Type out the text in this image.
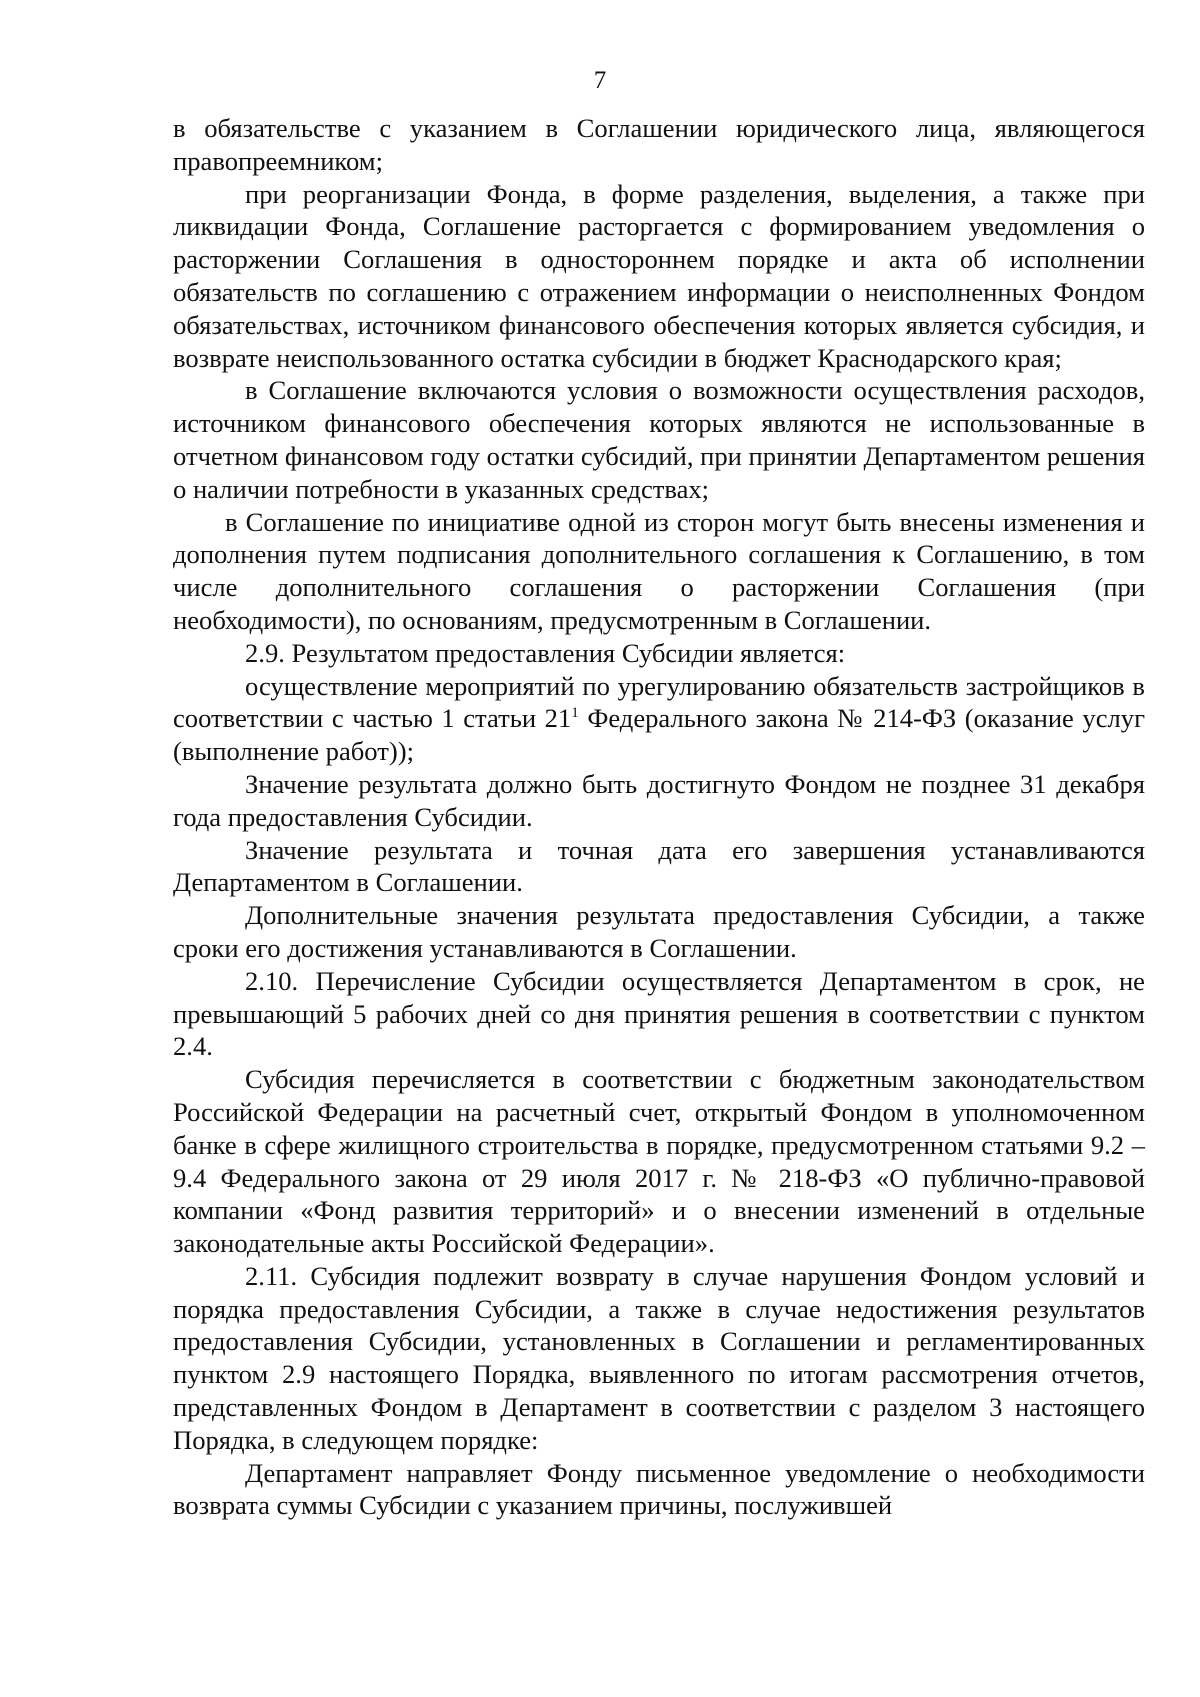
7

в обязательстве с указанием в Соглашении юридического лица, являющегося правопреемником;

при реорганизации Фонда, в форме разделения, выделения, а также при ликвидации Фонда, Соглашение расторгается с формированием уведомления о расторжении Соглашения в одностороннем порядке и акта об исполнении обязательств по соглашению с отражением информации о неисполненных Фондом обязательствах, источником финансового обеспечения которых является субсидия, и возврате неиспользованного остатка субсидии в бюджет Краснодарского края;

в Соглашение включаются условия о возможности осуществления расходов, источником финансового обеспечения которых являются не использованные в отчетном финансовом году остатки субсидий, при принятии Департаментом решения о наличии потребности в указанных средствах;

в Соглашение по инициативе одной из сторон могут быть внесены изменения и дополнения путем подписания дополнительного соглашения к Соглашению, в том числе дополнительного соглашения о расторжении Соглашения (при необходимости), по основаниям, предусмотренным в Соглашении.

2.9. Результатом предоставления Субсидии является:

осуществление мероприятий по урегулированию обязательств застройщиков в соответствии с частью 1 статьи $21^1$ Федерального закона № 214-ФЗ (оказание услуг (выполнение работ));

Значение результата должно быть достигнуто Фондом не позднее 31 декабря года предоставления Субсидии.

Значение результата и точная дата его завершения устанавливаются Департаментом в Соглашении.

Дополнительные значения результата предоставления Субсидии, а также сроки его достижения устанавливаются в Соглашении.

2.10. Перечисление Субсидии осуществляется Департаментом в срок, не превышающий 5 рабочих дней со дня принятия решения в соответствии с пунктом 2.4.

Субсидия перечисляется в соответствии с бюджетным законодательством Российской Федерации на расчетный счет, открытый Фондом в уполномоченном банке в сфере жилищного строительства в порядке, предусмотренном статьями 9.2 – 9.4 Федерального закона от 29 июля 2017 г. № 218-ФЗ «О публично-правовой компании «Фонд развития территорий» и о внесении изменений в отдельные законодательные акты Российской Федерации».

2.11. Субсидия подлежит возврату в случае нарушения Фондом условий и порядка предоставления Субсидии, а также в случае недостижения результатов предоставления Субсидии, установленных в Соглашении и регламентированных пунктом 2.9 настоящего Порядка, выявленного по итогам рассмотрения отчетов, представленных Фондом в Департамент в соответствии с разделом 3 настоящего Порядка, в следующем порядке:

Департамент направляет Фонду письменное уведомление о необходимости возврата суммы Субсидии с указанием причины, послужившей
